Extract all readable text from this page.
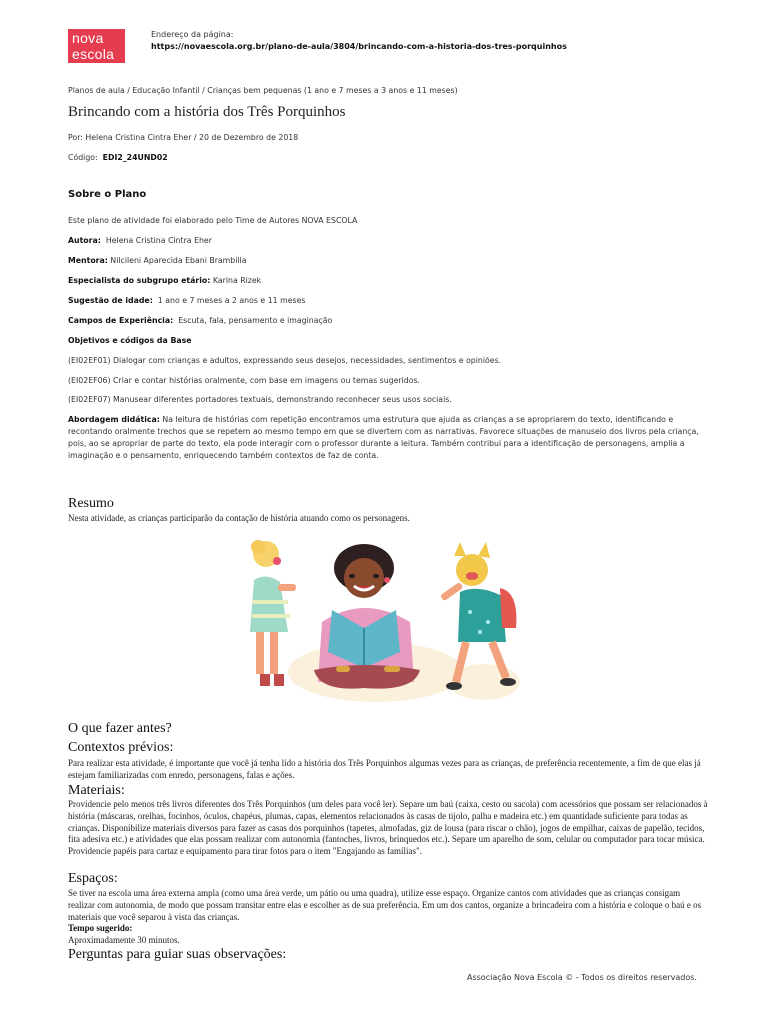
nova
escola
Endereço da página:
https://novaescola.org.br/plano-de-aula/3804/brincando-com-a-historia-dos-tres-porquinhos
Planos de aula / Educação Infantil / Crianças bem pequenas (1 ano e 7 meses a 3 anos e 11 meses)
Brincando com a história dos Três Porquinhos
Por: Helena Cristina Cintra Eher / 20 de Dezembro de 2018
Código: EDI2_24UND02
Sobre o Plano
Este plano de atividade foi elaborado pelo Time de Autores NOVA ESCOLA
Autora: Helena Cristina Cintra Eher
Mentora: Nilcileni Aparecida Ebani Brambilla
Especialista do subgrupo etário: Karina Rizek
Sugestão de idade: 1 ano e 7 meses a 2 anos e 11 meses
Campos de Experiência: Escuta, fala, pensamento e imaginação
Objetivos e códigos da Base
(EI02EF01) Dialogar com crianças e adultos, expressando seus desejos, necessidades, sentimentos e opiniões.
(EI02EF06) Criar e contar histórias oralmente, com base em imagens ou temas sugeridos.
(EI02EF07) Manusear diferentes portadores textuais, demonstrando reconhecer seus usos sociais.
Abordagem didática: Na leitura de histórias com repetição encontramos uma estrutura que ajuda as crianças a se apropriarem do texto, identificando e recontando oralmente trechos que se repetem ao mesmo tempo em que se divertem com as narrativas. Favorece situações de manuseio dos livros pela criança, pois, ao se apropriar de parte do texto, ela pode interagir com o professor durante a leitura. Também contribui para a identificação de personagens, amplia a imaginação e o pensamento, enriquecendo também contextos de faz de conta.
Resumo
Nesta atividade, as crianças participarão da contação de história atuando como os personagens.
O que fazer antes?
Contextos prévios:
Para realizar esta atividade, é importante que você já tenha lido a história dos Três Porquinhos algumas vezes para as crianças, de preferência recentemente, a fim de que elas já estejam familiarizadas com enredo, personagens, falas e ações.
Materiais:
Providencie pelo menos três livros diferentes dos Três Porquinhos (um deles para você ler). Separe um baú (caixa, cesto ou sacola) com acessórios que possam ser relacionados à história (máscaras, orelhas, focinhos, óculos, chapéus, plumas, capas, elementos relacionados às casas de tijolo, palha e madeira etc.) em quantidade suficiente para todas as crianças. Disponibilize materiais diversos para fazer as casas dos porquinhos (tapetes, almofadas, giz de lousa (para riscar o chão), jogos de empilhar, caixas de papelão, tecidos, fita adesiva etc.) e atividades que elas possam realizar com autonomia (fantoches, livros, brinquedos etc.). Separe um aparelho de som, celular ou computador para tocar música. Providencie papéis para cartaz e equipamento para tirar fotos para o item "Engajando as famílias".
Espaços:
Se tiver na escola uma área externa ampla (como uma área verde, um pátio ou uma quadra), utilize esse espaço. Organize cantos com atividades que as crianças consigam realizar com autonomia, de modo que possam transitar entre elas e escolher as de sua preferência. Em um dos cantos, organize a brincadeira com a história e coloque o baú e os materiais que você separou à vista das crianças.
Tempo sugerido:
Aproximadamente 30 minutos.
Perguntas para guiar suas observações:
Associação Nova Escola © - Todos os direitos reservados.
